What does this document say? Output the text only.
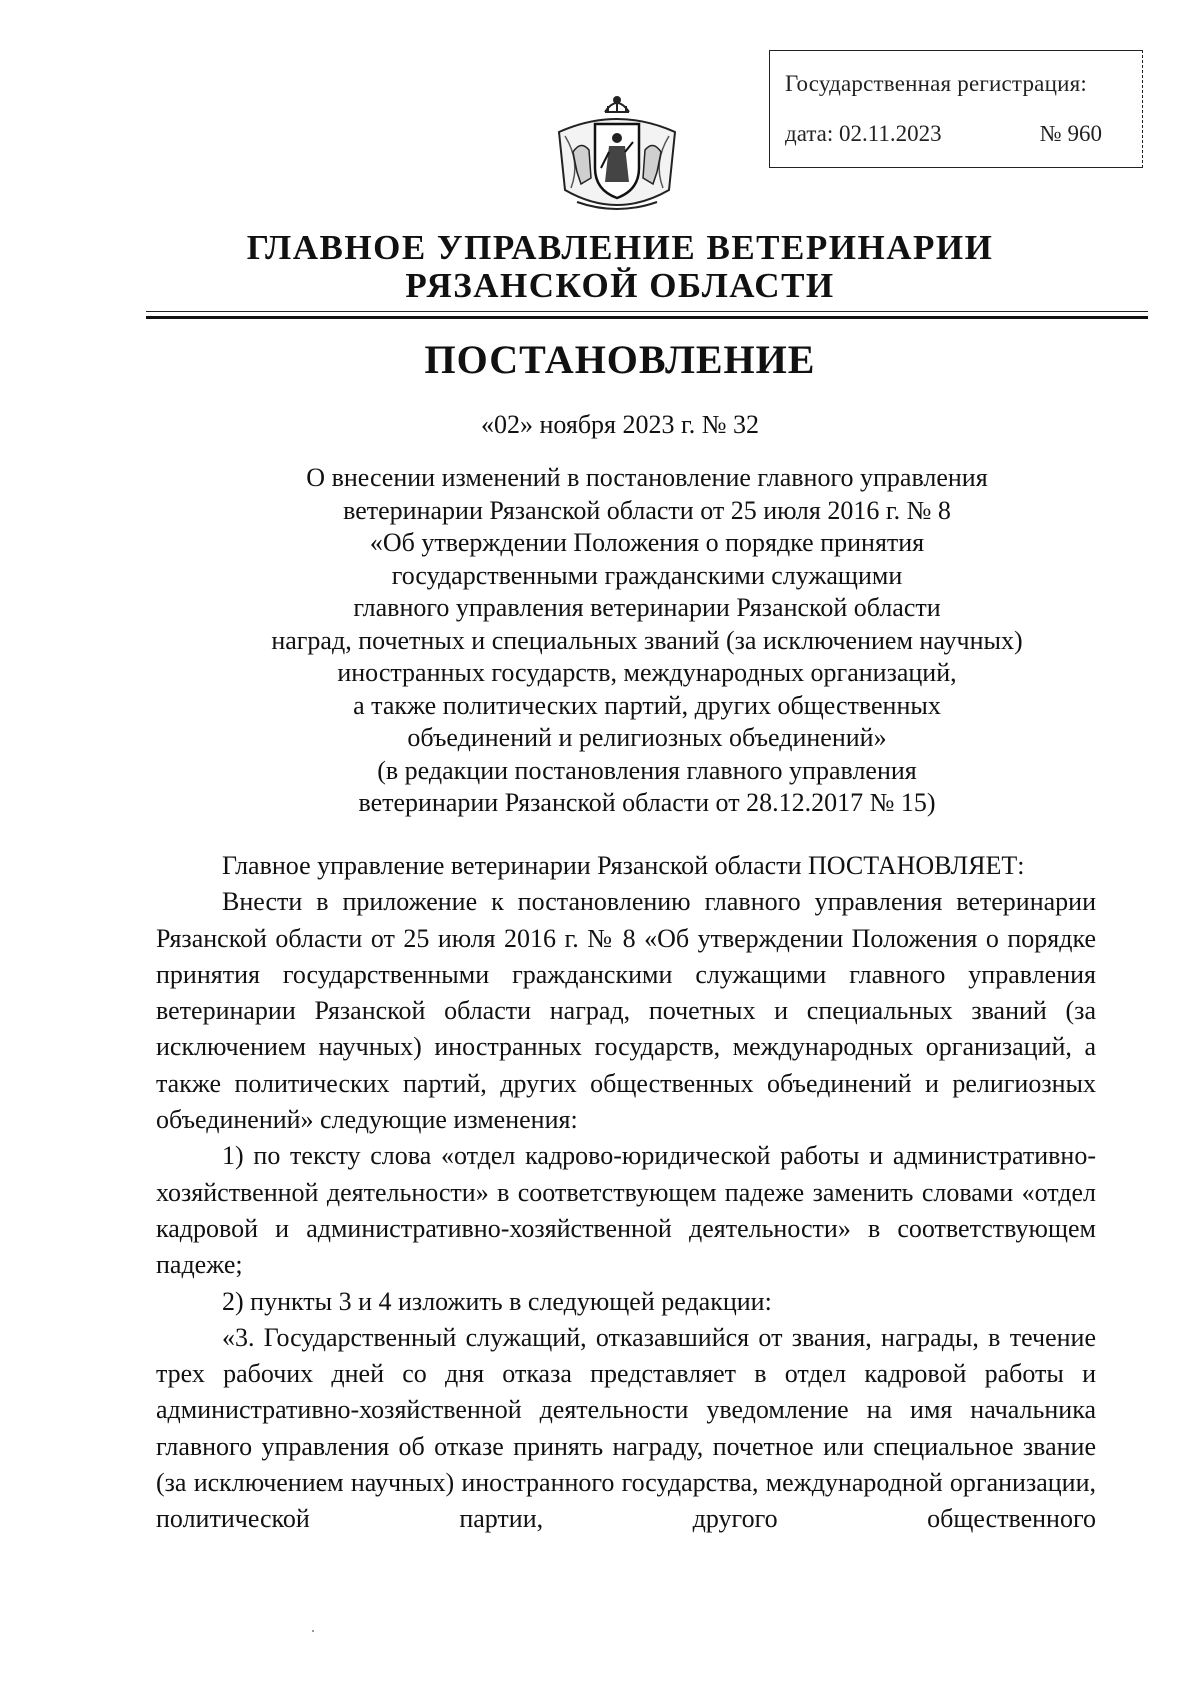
Государственная регистрация:
дата: 02.11.2023	№ 960
ГЛАВНОЕ УПРАВЛЕНИЕ ВЕТЕРИНАРИИ
РЯЗАНСКОЙ ОБЛАСТИ
ПОСТАНОВЛЕНИЕ
«02» ноября 2023 г. № 32
О внесении изменений в постановление главного управления
ветеринарии Рязанской области от 25 июля 2016 г. № 8
«Об утверждении Положения о порядке принятия
государственными гражданскими служащими
главного управления ветеринарии Рязанской области
наград, почетных и специальных званий (за исключением научных)
иностранных государств, международных организаций,
а также политических партий, других общественных
объединений и религиозных объединений»
(в редакции постановления главного управления
ветеринарии Рязанской области от 28.12.2017 № 15)

Главное управление ветеринарии Рязанской области ПОСТАНОВЛЯЕТ:

Внести в приложение к постановлению главного управления ветеринарии Рязанской области от 25 июля 2016 г. № 8 «Об утверждении Положения о порядке принятия государственными гражданскими служащими главного управления ветеринарии Рязанской области наград, почетных и специальных званий (за исключением научных) иностранных государств, международных организаций, а также политических партий, других общественных объединений и религиозных объединений» следующие изменения:

1) по тексту слова «отдел кадрово-юридической работы и административно-хозяйственной деятельности» в соответствующем падеже заменить словами «отдел кадровой и административно-хозяйственной деятельности» в соответствующем падеже;

2) пункты 3 и 4 изложить в следующей редакции:

«3. Государственный служащий, отказавшийся от звания, награды, в течение трех рабочих дней со дня отказа представляет в отдел кадровой работы и административно-хозяйственной деятельности уведомление на имя начальника главного управления об отказе принять награду, почетное или специальное звание (за исключением научных) иностранного государства, международной организации, политической партии, другого общественного
